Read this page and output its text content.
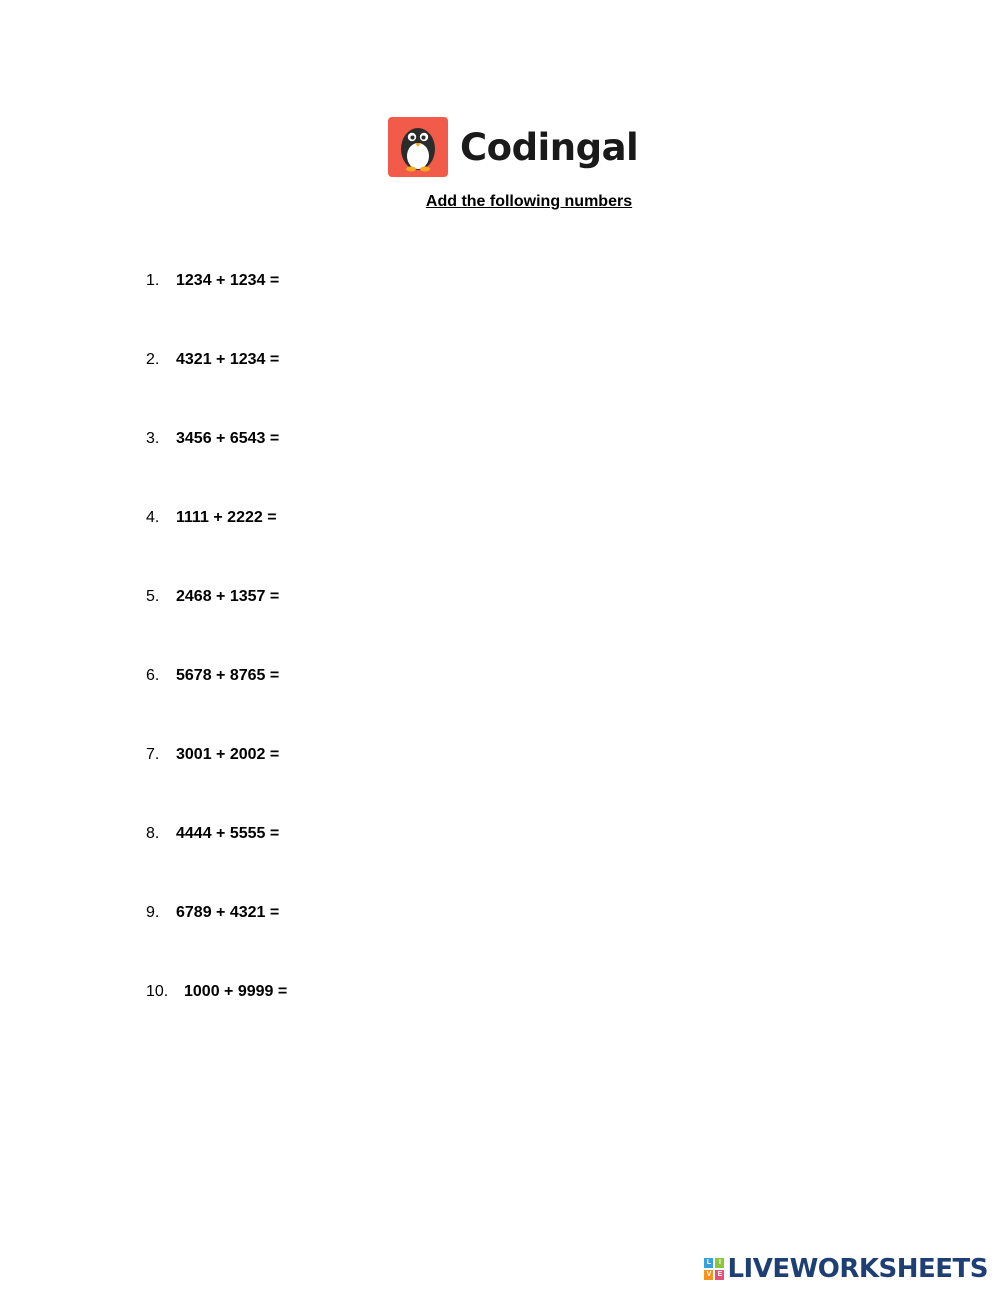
Codingal
Add the following numbers
1.	1234 + 1234 =
2.	4321 + 1234 =
3.	3456 + 6543 =
4.	1111 + 2222 =
5.	2468 + 1357 =
6.	5678 + 8765 =
7.	3001 + 2002 =
8.	4444 + 5555 =
9.	6789 + 4321 =
10. 1000 + 9999 =
L	I
V E LIVEWORKSHEETS
